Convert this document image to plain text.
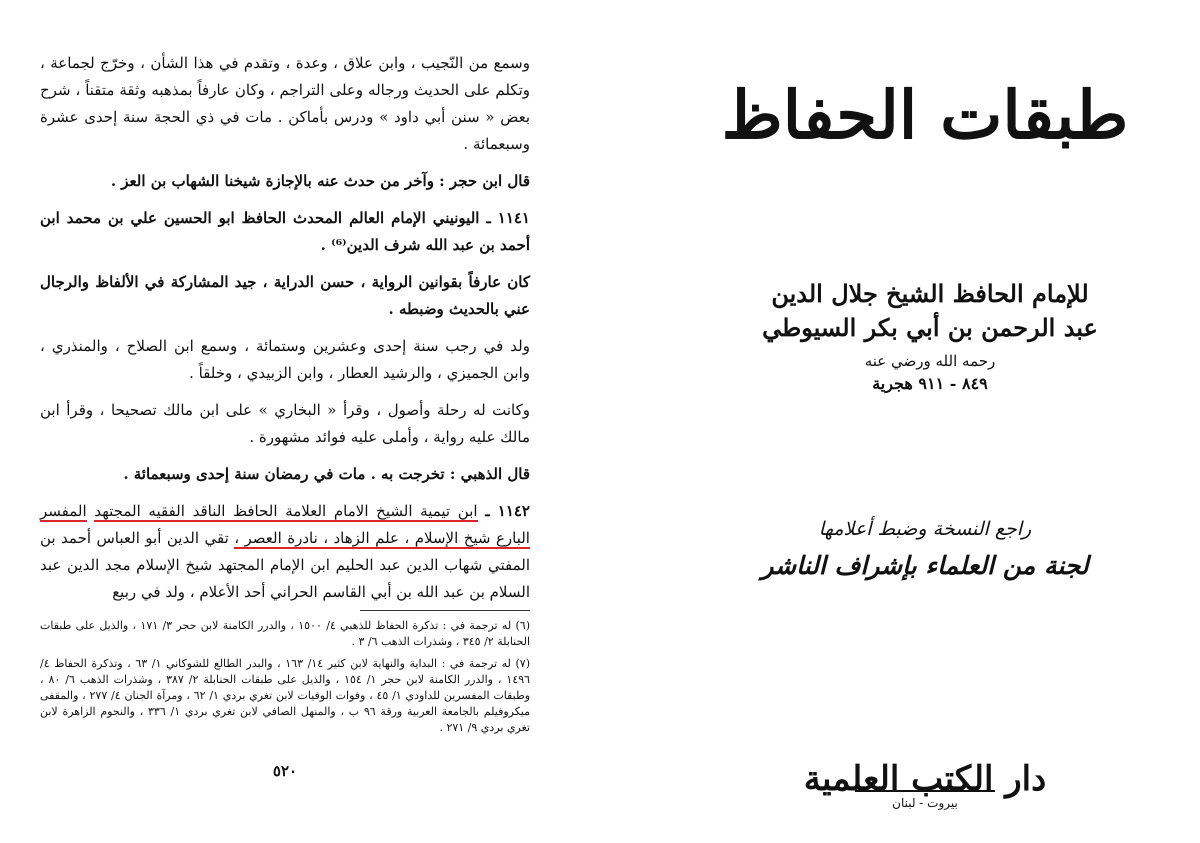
وسمع من النّجيب ، وابن علاق ، وعدة ، وتقدم في هذا الشأن ، وخرّج لجماعة ، وتكلم على الحديث ورجاله وعلى التراجم ، وكان عارفاً بمذهبه وثقة متقناً ، شرح بعض « سنن أبي داود » ودرس بأماكن . مات في ذي الحجة سنة إحدى عشرة وسبعمائة .

قال ابن حجر : وآخر من حدث عنه بالإجازة شيخنا الشهاب بن العز .

١١٤١ ـ اليونيني الإمام العالم المحدث الحافظ ابو الحسين علي بن محمد ابن أحمد بن عبد الله شرف الدين⁽⁶⁾ .

كان عارفاً بقوانين الرواية ، حسن الدراية ، جيد المشاركة في الألفاظ والرجال عني بالحديث وضبطه .

ولد في رجب سنة إحدى وعشرين وستمائة ، وسمع ابن الصلاح ، والمنذري ، وابن الجميزي ، والرشيد العطار ، وابن الزبيدي ، وخلقاً .

وكانت له رحلة وأصول ، وقرأ « البخاري » على ابن مالك تصحيحا ، وقرأ ابن مالك عليه رواية ، وأملى عليه فوائد مشهورة .

قال الذهبي : تخرجت به . مات في رمضان سنة إحدى وسبعمائة .

١١٤٢ ـ ابن تيمية الشيخ الامام العلامة الحافظ الناقد الفقيه المجتهد المفسر البارع شيخ الإسلام ، علم الزهاد ، نادرة العصر ، تقي الدين أبو العباس أحمد بن المفتي شهاب الدين عبد الحليم ابن الإمام المجتهد شيخ الإسلام مجد الدين عبد السلام بن عبد الله بن أبي القاسم الحراني أحد الأعلام ، ولد في ربيع

(٦) له ترجمة في : تذكرة الحفاظ للذهبي ٤/ ١٥٠٠ ، والدرر الكامنة لابن حجر ٣/ ١٧١ ، والذيل على طبقات الحنابلة ٢/ ٣٤٥ ، وشذرات الذهب ٦/ ٣ .

(٧) له ترجمة في : البداية والنهاية لابن كثير ١٤/ ١٦٣ ، والبدر الطالع للشوكاني ١/ ٦٣ ، وتذكرة الحفاظ ٤/ ١٤٩٦ ، والدرر الكامنة لابن حجر ١/ ١٥٤ ، والذيل على طبقات الحنابلة ٢/ ٣٨٧ ، وشذرات الذهب ٦/ ٨٠ ، وطبقات المفسرين للداودي ١/ ٤٥ ، وفوات الوفيات لابن تغري بردي ١/ ٦٢ ، ومرآة الجنان ٤/ ٢٧٧ ، والمقفى ميكروفيلم بالجامعة العربية ورقة ٩٦ ب ، والمنهل الصافي لابن تغري بردي ١/ ٣٣٦ ، والنجوم الزاهرة لابن تغري بردي ٩/ ٢٧١ .

٥٢٠
طبقات الحفاظ
للإمام الحافظ الشيخ جلال الدين
عبد الرحمن بن أبي بكر السيوطي
رحمه الله ورضي عنه
٨٤٩ - ٩١١ هجرية
راجع النسخة وضبط أعلامها
لجنة من العلماء بإشراف الناشر
دار الكتب العلمية
بيروت - لبنان
